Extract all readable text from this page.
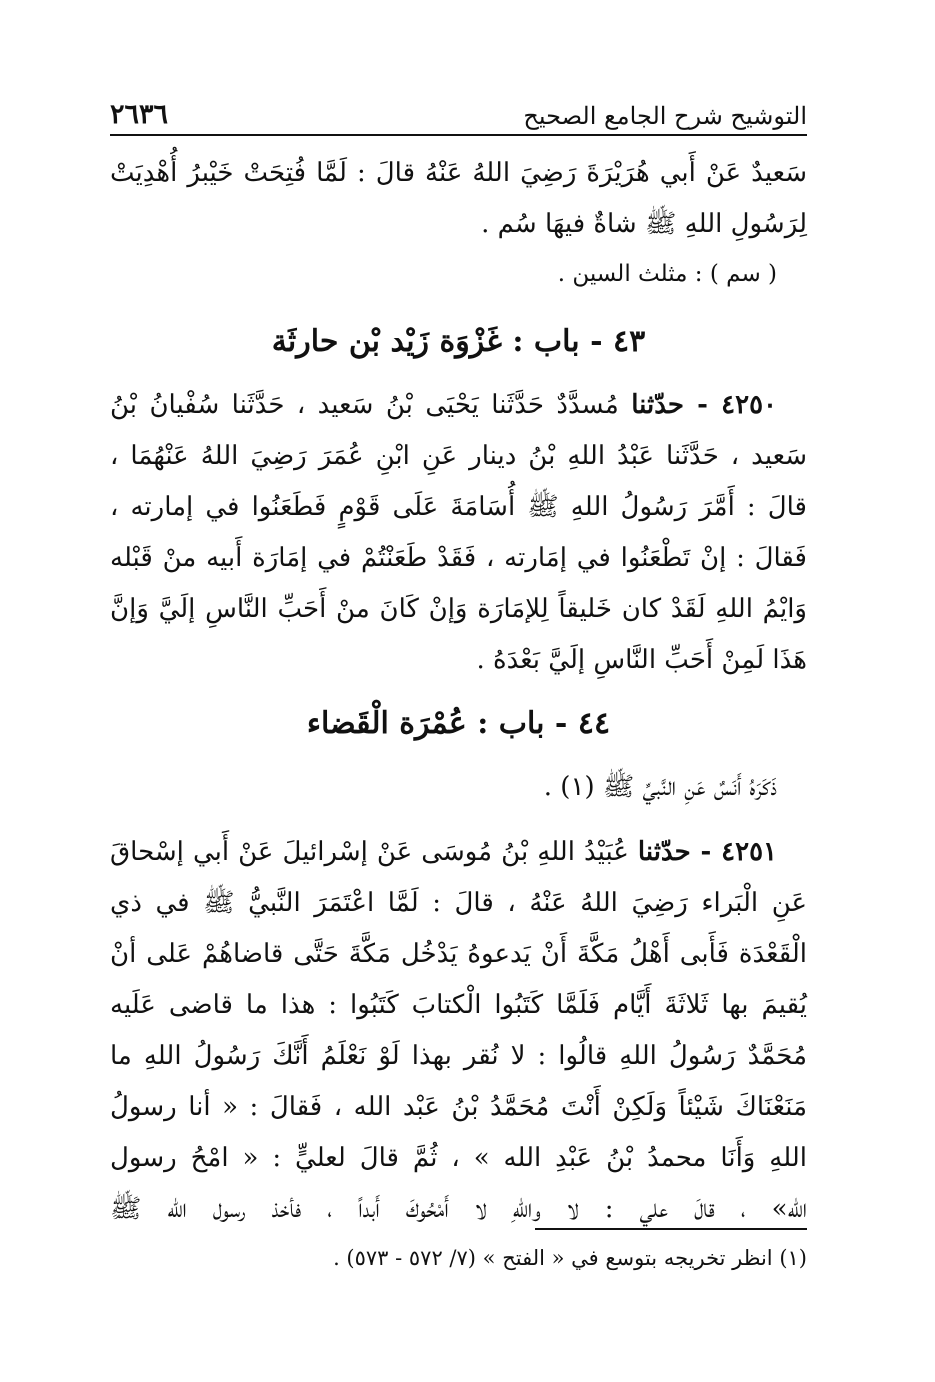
التوشيح شرح الجامع الصحيح
٢٦٣٦
سَعيدٌ عَنْ أَبي هُرَيْرَةَ رَضِيَ اللهُ عَنْهُ قالَ : لَمَّا فُتِحَتْ خَيْبرُ أُهْدِيَتْ
لِرَسُولِ اللهِ ﷺ شاةٌ فيهَا سُم .
( سم ) : مثلث السين .
٤٣ - باب : غَزْوَة زَيْد بْن حارثَة
٤٢٥٠ - حدّثنا مُسدَّدٌ حَدَّثَنا يَحْيَى بْنُ سَعيد ، حَدَّثَنا سُفْيانُ بْنُ
سَعيد ، حَدَّثَنا عَبْدُ اللهِ بْنُ دينار عَنِ ابْنِ عُمَرَ رَضِيَ اللهُ عَنْهُمَا ،
قالَ : أَمَّرَ رَسُولُ اللهِ ﷺ أُسَامَةَ عَلَى قَوْمٍ فَطَعَنُوا في إمارته ،
فَقالَ : إنْ تَطْعَنُوا في إمَارته ، فَقَدْ طَعَنْتُمْ في إمَارَة أَبيه منْ قَبْله
وَايْمُ اللهِ لَقَدْ كان خَليقاً لِلإمَارَة وَإنْ كَانَ منْ أَحَبِّ النَّاسِ إلَيَّ وَإنَّ
هَذَا لَمِنْ أَحَبِّ النَّاسِ إلَيَّ بَعْدَهُ .
٤٤ - باب : عُمْرَة الْقَضاء
ذَكَرَهُ أَنَسٌ عَنِ النَّبيِّ ﷺ (١) .
٤٢٥١ - حدّثنا عُبَيْدُ اللهِ بْنُ مُوسَى عَنْ إسْرائيلَ عَنْ أَبي إسْحاقَ
عَنِ الْبَراء رَضِيَ اللهُ عَنْهُ ، قالَ : لَمَّا اعْتَمَرَ النَّبيُّ ﷺ في ذي
الْقَعْدَة فَأَبى أَهْلُ مَكَّةَ أَنْ يَدعوهُ يَدْخُل مَكَّةَ حَتَّى قاضاهُمْ عَلى أنْ
يُقيمَ بها ثَلاثَةَ أَيَّام فَلَمَّا كَتَبُوا الْكتابَ كَتَبُوا : هذا ما قاضى عَلَيه
مُحَمَّدٌ رَسُولُ اللهِ قالُوا : لا نُقر بهذا لَوْ نَعْلَمُ أَنَّكَ رَسُولُ اللهِ ما
مَنَعْنَاكَ شَيْئاً وَلَكِنْ أَنْتَ مُحَمَّدُ بْنُ عَبْد الله ، فَقالَ : « أنا رسولُ
اللهِ وَأَنَا محمدُ بْنُ عَبْدِ الله » ، ثُمَّ قالَ لعليٍّ : « امْحُ رسول
الله» ، قالَ علي : لا واللهِ لا أَمْحُوكَ أَبداً ، فأخذ رسول الله ﷺ
(١) انظر تخريجه بتوسع في « الفتح » (٧/ ٥٧٢ - ٥٧٣) .
